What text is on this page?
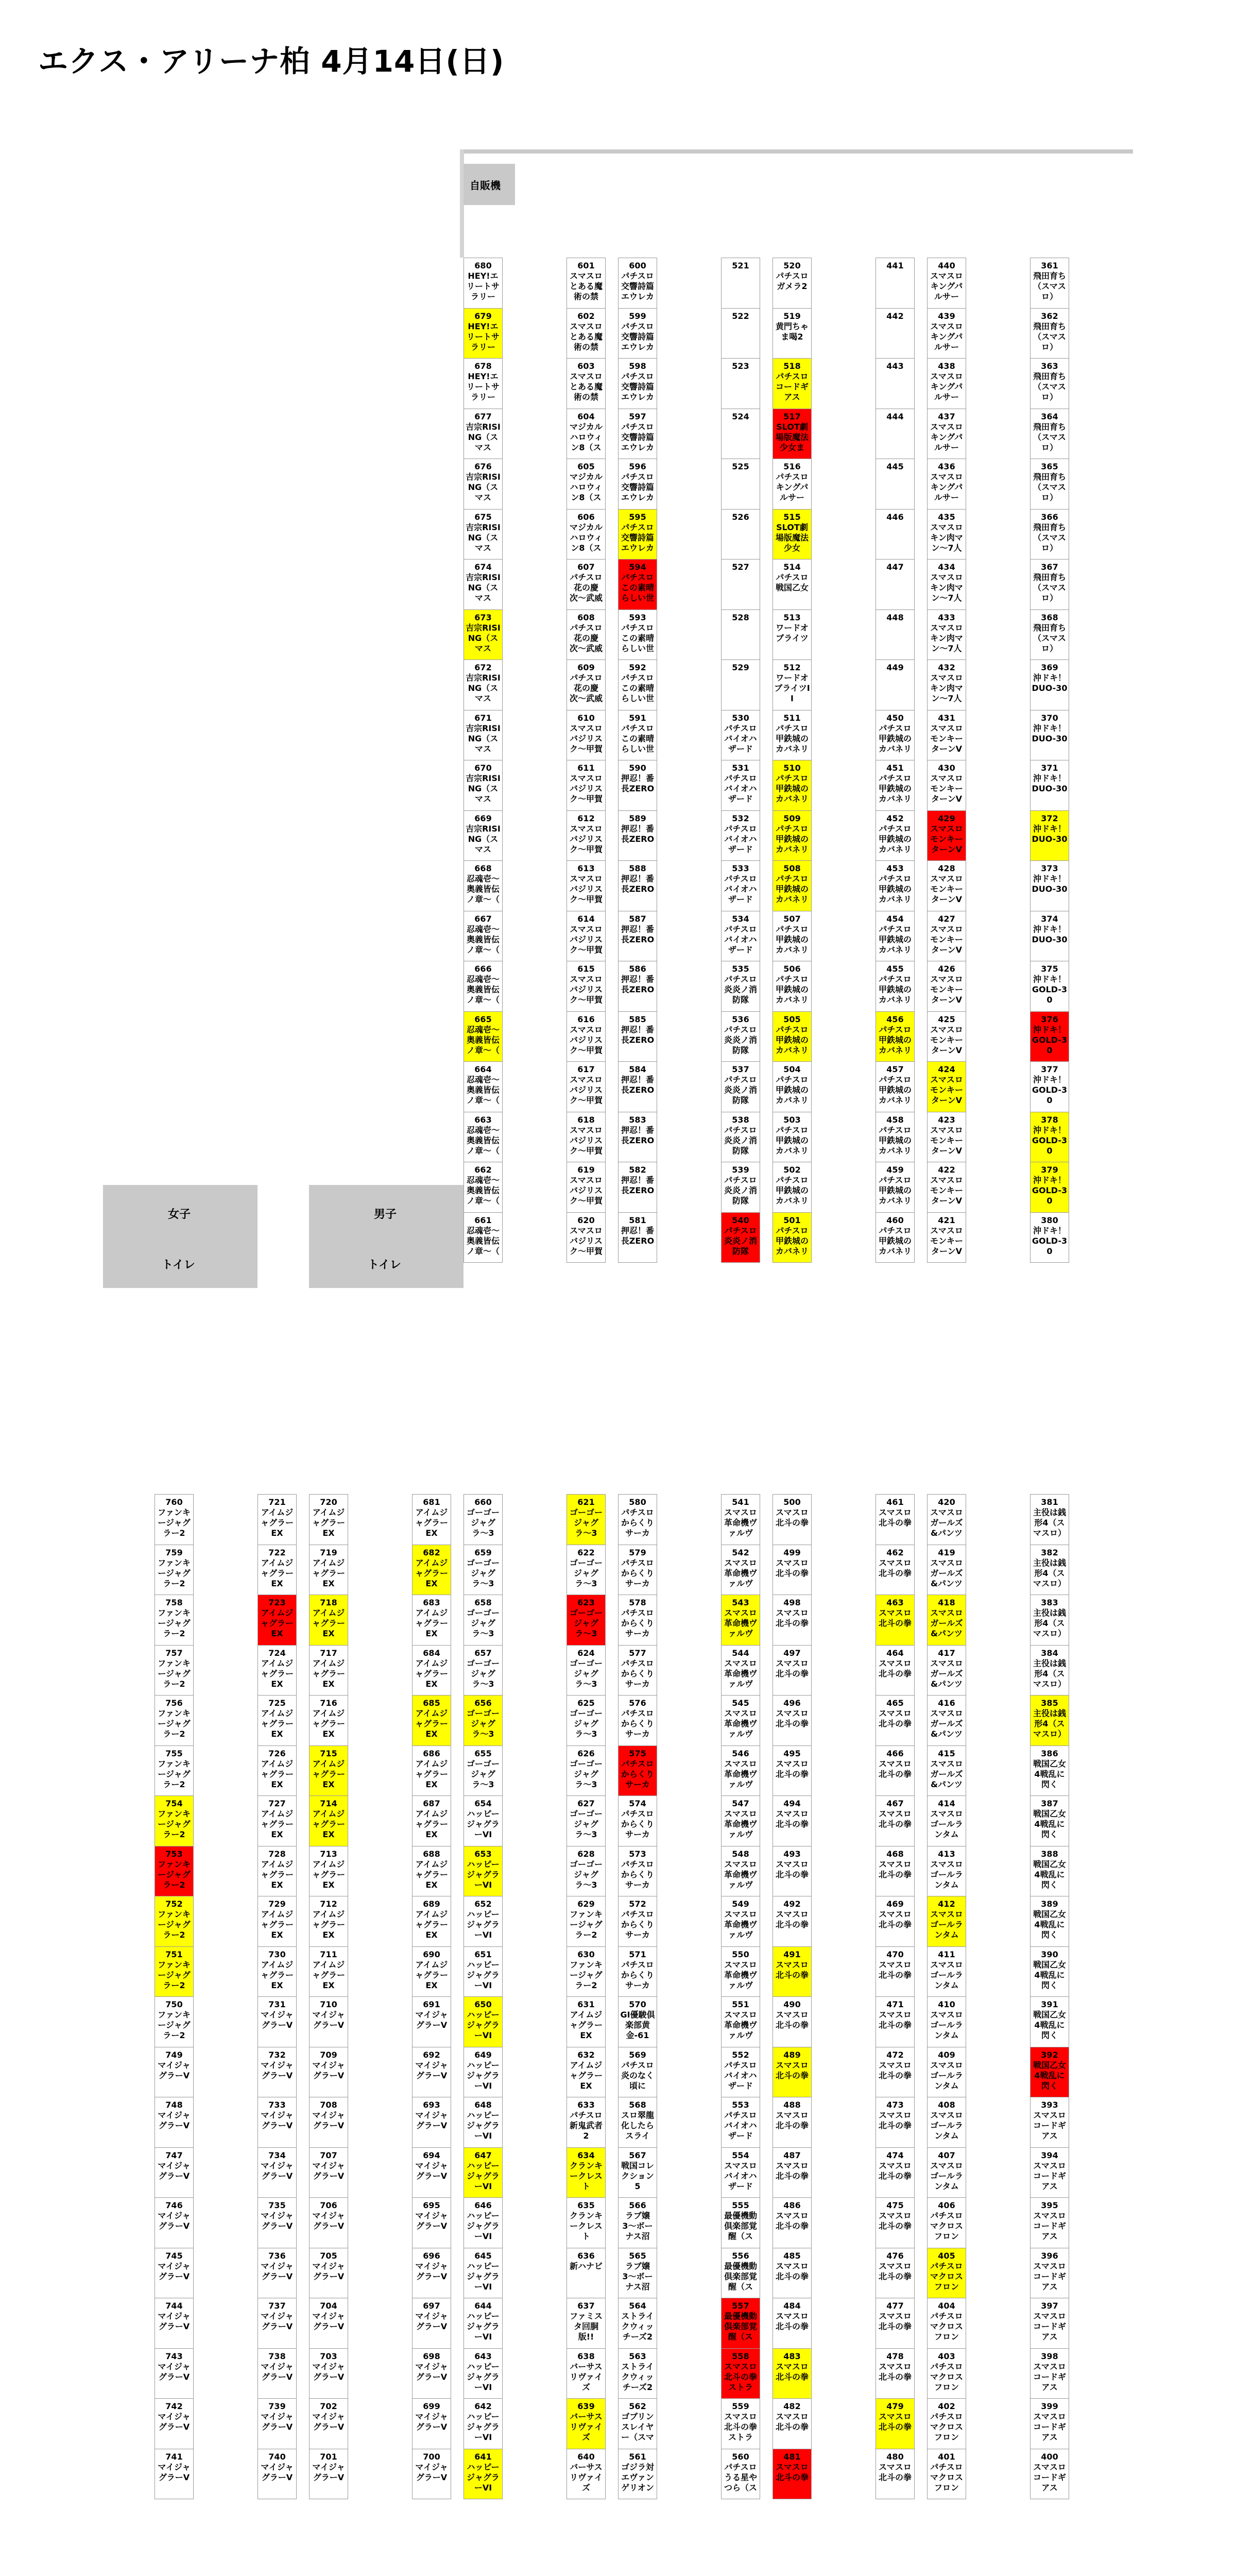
エクス・アリーナ柏 4月14日(日)
自販機
女子
トイレ
男子
トイレ
680
HEY!エリートサラリー
679
HEY!エリートサラリー
678
HEY!エリートサラリー
677
吉宗RISING（スマス
676
吉宗RISING（スマス
675
吉宗RISING（スマス
674
吉宗RISING（スマス
673
吉宗RISING（スマス
672
吉宗RISING（スマス
671
吉宗RISING（スマス
670
吉宗RISING（スマス
669
吉宗RISING（スマス
668
忍魂壱〜奥義皆伝ノ章〜（
667
忍魂壱〜奥義皆伝ノ章〜（
666
忍魂壱〜奥義皆伝ノ章〜（
665
忍魂壱〜奥義皆伝ノ章〜（
664
忍魂壱〜奥義皆伝ノ章〜（
663
忍魂壱〜奥義皆伝ノ章〜（
662
忍魂壱〜奥義皆伝ノ章〜（
661
忍魂壱〜奥義皆伝ノ章〜（
601
スマスロとある魔術の禁
602
スマスロとある魔術の禁
603
スマスロとある魔術の禁
604
マジカルハロウィン8（ス
605
マジカルハロウィン8（ス
606
マジカルハロウィン8（ス
607
パチスロ花の慶次〜武威
608
パチスロ花の慶次〜武威
609
パチスロ花の慶次〜武威
610
スマスロバジリスク〜甲賀
611
スマスロバジリスク〜甲賀
612
スマスロバジリスク〜甲賀
613
スマスロバジリスク〜甲賀
614
スマスロバジリスク〜甲賀
615
スマスロバジリスク〜甲賀
616
スマスロバジリスク〜甲賀
617
スマスロバジリスク〜甲賀
618
スマスロバジリスク〜甲賀
619
スマスロバジリスク〜甲賀
620
スマスロバジリスク〜甲賀
600
パチスロ交響詩篇エウレカ
599
パチスロ交響詩篇エウレカ
598
パチスロ交響詩篇エウレカ
597
パチスロ交響詩篇エウレカ
596
パチスロ交響詩篇エウレカ
595
パチスロ交響詩篇エウレカ
594
パチスロこの素晴らしい世
593
パチスロこの素晴らしい世
592
パチスロこの素晴らしい世
591
パチスロこの素晴らしい世
590
押忍！番長ZERO
589
押忍！番長ZERO
588
押忍！番長ZERO
587
押忍！番長ZERO
586
押忍！番長ZERO
585
押忍！番長ZERO
584
押忍！番長ZERO
583
押忍！番長ZERO
582
押忍！番長ZERO
581
押忍！番長ZERO
521
522
523
524
525
526
527
528
529
530
パチスロバイオハザード
531
パチスロバイオハザード
532
パチスロバイオハザード
533
パチスロバイオハザード
534
パチスロバイオハザード
535
パチスロ炎炎ノ消防隊
536
パチスロ炎炎ノ消防隊
537
パチスロ炎炎ノ消防隊
538
パチスロ炎炎ノ消防隊
539
パチスロ炎炎ノ消防隊
540
パチスロ炎炎ノ消防隊
520
パチスロガメラ2
519
黄門ちゃま喝2
518
パチスロコードギアス
517
SLOT劇場版魔法少女ま
516
パチスロキングパルサー
515
SLOT劇場版魔法少女
514
パチスロ戦国乙女
513
ワードオブライツ
512
ワードオブライツII
511
パチスロ甲鉄城のカバネリ
510
パチスロ甲鉄城のカバネリ
509
パチスロ甲鉄城のカバネリ
508
パチスロ甲鉄城のカバネリ
507
パチスロ甲鉄城のカバネリ
506
パチスロ甲鉄城のカバネリ
505
パチスロ甲鉄城のカバネリ
504
パチスロ甲鉄城のカバネリ
503
パチスロ甲鉄城のカバネリ
502
パチスロ甲鉄城のカバネリ
501
パチスロ甲鉄城のカバネリ
441
442
443
444
445
446
447
448
449
450
パチスロ甲鉄城のカバネリ
451
パチスロ甲鉄城のカバネリ
452
パチスロ甲鉄城のカバネリ
453
パチスロ甲鉄城のカバネリ
454
パチスロ甲鉄城のカバネリ
455
パチスロ甲鉄城のカバネリ
456
パチスロ甲鉄城のカバネリ
457
パチスロ甲鉄城のカバネリ
458
パチスロ甲鉄城のカバネリ
459
パチスロ甲鉄城のカバネリ
460
パチスロ甲鉄城のカバネリ
440
スマスロキングパルサー
439
スマスロキングパルサー
438
スマスロキングパルサー
437
スマスロキングパルサー
436
スマスロキングパルサー
435
スマスロキン肉マン〜7人
434
スマスロキン肉マン〜7人
433
スマスロキン肉マン〜7人
432
スマスロキン肉マン〜7人
431
スマスロモンキーターンV
430
スマスロモンキーターンV
429
スマスロモンキーターンV
428
スマスロモンキーターンV
427
スマスロモンキーターンV
426
スマスロモンキーターンV
425
スマスロモンキーターンV
424
スマスロモンキーターンV
423
スマスロモンキーターンV
422
スマスロモンキーターンV
421
スマスロモンキーターンV
361
飛田育ち（スマスロ）
362
飛田育ち（スマスロ）
363
飛田育ち（スマスロ）
364
飛田育ち（スマスロ）
365
飛田育ち（スマスロ）
366
飛田育ち（スマスロ）
367
飛田育ち（スマスロ）
368
飛田育ち（スマスロ）
369
沖ドキ！DUO-30
370
沖ドキ！DUO-30
371
沖ドキ！DUO-30
372
沖ドキ！DUO-30
373
沖ドキ！DUO-30
374
沖ドキ！DUO-30
375
沖ドキ！GOLD-30
376
沖ドキ！GOLD-30
377
沖ドキ！GOLD-30
378
沖ドキ！GOLD-30
379
沖ドキ！GOLD-30
380
沖ドキ！GOLD-30
760
ファンキージャグラー2
759
ファンキージャグラー2
758
ファンキージャグラー2
757
ファンキージャグラー2
756
ファンキージャグラー2
755
ファンキージャグラー2
754
ファンキージャグラー2
753
ファンキージャグラー2
752
ファンキージャグラー2
751
ファンキージャグラー2
750
ファンキージャグラー2
749
マイジャグラーV
748
マイジャグラーV
747
マイジャグラーV
746
マイジャグラーV
745
マイジャグラーV
744
マイジャグラーV
743
マイジャグラーV
742
マイジャグラーV
741
マイジャグラーV
721
アイムジャグラーEX
722
アイムジャグラーEX
723
アイムジャグラーEX
724
アイムジャグラーEX
725
アイムジャグラーEX
726
アイムジャグラーEX
727
アイムジャグラーEX
728
アイムジャグラーEX
729
アイムジャグラーEX
730
アイムジャグラーEX
731
マイジャグラーV
732
マイジャグラーV
733
マイジャグラーV
734
マイジャグラーV
735
マイジャグラーV
736
マイジャグラーV
737
マイジャグラーV
738
マイジャグラーV
739
マイジャグラーV
740
マイジャグラーV
720
アイムジャグラーEX
719
アイムジャグラーEX
718
アイムジャグラーEX
717
アイムジャグラーEX
716
アイムジャグラーEX
715
アイムジャグラーEX
714
アイムジャグラーEX
713
アイムジャグラーEX
712
アイムジャグラーEX
711
アイムジャグラーEX
710
マイジャグラーV
709
マイジャグラーV
708
マイジャグラーV
707
マイジャグラーV
706
マイジャグラーV
705
マイジャグラーV
704
マイジャグラーV
703
マイジャグラーV
702
マイジャグラーV
701
マイジャグラーV
681
アイムジャグラーEX
682
アイムジャグラーEX
683
アイムジャグラーEX
684
アイムジャグラーEX
685
アイムジャグラーEX
686
アイムジャグラーEX
687
アイムジャグラーEX
688
アイムジャグラーEX
689
アイムジャグラーEX
690
アイムジャグラーEX
691
マイジャグラーV
692
マイジャグラーV
693
マイジャグラーV
694
マイジャグラーV
695
マイジャグラーV
696
マイジャグラーV
697
マイジャグラーV
698
マイジャグラーV
699
マイジャグラーV
700
マイジャグラーV
660
ゴーゴージャグラ〜3
659
ゴーゴージャグラ〜3
658
ゴーゴージャグラ〜3
657
ゴーゴージャグラ〜3
656
ゴーゴージャグラ〜3
655
ゴーゴージャグラ〜3
654
ハッピージャグラーVI
653
ハッピージャグラーVI
652
ハッピージャグラーVI
651
ハッピージャグラーVI
650
ハッピージャグラーVI
649
ハッピージャグラーVI
648
ハッピージャグラーVI
647
ハッピージャグラーVI
646
ハッピージャグラーVI
645
ハッピージャグラーVI
644
ハッピージャグラーVI
643
ハッピージャグラーVI
642
ハッピージャグラーVI
641
ハッピージャグラーVI
621
ゴーゴージャグラ〜3
622
ゴーゴージャグラ〜3
623
ゴーゴージャグラ〜3
624
ゴーゴージャグラ〜3
625
ゴーゴージャグラ〜3
626
ゴーゴージャグラ〜3
627
ゴーゴージャグラ〜3
628
ゴーゴージャグラ〜3
629
ファンキージャグラー2
630
ファンキージャグラー2
631
アイムジャグラーEX
632
アイムジャグラーEX
633
パチスロ新鬼武者2
634
クランキークレスト
635
クランキークレスト
636
新ハナビ
637
ファミスタ回胴版!!
638
バーサスリヴァイズ
639
バーサスリヴァイズ
640
バーサスリヴァイズ
580
パチスロからくりサーカ
579
パチスロからくりサーカ
578
パチスロからくりサーカ
577
パチスロからくりサーカ
576
パチスロからくりサーカ
575
パチスロからくりサーカ
574
パチスロからくりサーカ
573
パチスロからくりサーカ
572
パチスロからくりサーカ
571
パチスロからくりサーカ
570
GI優駿倶楽部黄金-61
569
パチスロ炎のなく頃に
568
スロ翠龍化したらスライ
567
戦国コレクション5
566
ラブ嬢3〜ボーナス沼
565
ラブ嬢3〜ボーナス沼
564
ストライクウィッチーズ2
563
ストライクウィッチーズ2
562
ゴブリンスレイヤー（スマ
561
ゴジラ対エヴァンゲリオン
541
スマスロ革命機ヴァルヴ
542
スマスロ革命機ヴァルヴ
543
スマスロ革命機ヴァルヴ
544
スマスロ革命機ヴァルヴ
545
スマスロ革命機ヴァルヴ
546
スマスロ革命機ヴァルヴ
547
スマスロ革命機ヴァルヴ
548
スマスロ革命機ヴァルヴ
549
スマスロ革命機ヴァルヴ
550
スマスロ革命機ヴァルヴ
551
スマスロ革命機ヴァルヴ
552
パチスロバイオハザード
553
パチスロバイオハザード
554
スマスロバイオハザード
555
最優機動倶楽部覚醒（ス
556
最優機動倶楽部覚醒（ス
557
最優機動倶楽部覚醒（ス
558
スマスロ北斗の拳ストラ
559
スマスロ北斗の拳ストラ
560
パチスロうる星やつら（ス
500
スマスロ北斗の拳
499
スマスロ北斗の拳
498
スマスロ北斗の拳
497
スマスロ北斗の拳
496
スマスロ北斗の拳
495
スマスロ北斗の拳
494
スマスロ北斗の拳
493
スマスロ北斗の拳
492
スマスロ北斗の拳
491
スマスロ北斗の拳
490
スマスロ北斗の拳
489
スマスロ北斗の拳
488
スマスロ北斗の拳
487
スマスロ北斗の拳
486
スマスロ北斗の拳
485
スマスロ北斗の拳
484
スマスロ北斗の拳
483
スマスロ北斗の拳
482
スマスロ北斗の拳
481
スマスロ北斗の拳
461
スマスロ北斗の拳
462
スマスロ北斗の拳
463
スマスロ北斗の拳
464
スマスロ北斗の拳
465
スマスロ北斗の拳
466
スマスロ北斗の拳
467
スマスロ北斗の拳
468
スマスロ北斗の拳
469
スマスロ北斗の拳
470
スマスロ北斗の拳
471
スマスロ北斗の拳
472
スマスロ北斗の拳
473
スマスロ北斗の拳
474
スマスロ北斗の拳
475
スマスロ北斗の拳
476
スマスロ北斗の拳
477
スマスロ北斗の拳
478
スマスロ北斗の拳
479
スマスロ北斗の拳
480
スマスロ北斗の拳
420
スマスロガールズ&パンツ
419
スマスロガールズ&パンツ
418
スマスロガールズ&パンツ
417
スマスロガールズ&パンツ
416
スマスロガールズ&パンツ
415
スマスロガールズ&パンツ
414
スマスロゴールランタム
413
スマスロゴールランタム
412
スマスロゴールランタム
411
スマスロゴールランタム
410
スマスロゴールランタム
409
スマスロゴールランタム
408
スマスロゴールランタム
407
スマスロゴールランタム
406
パチスロマクロスフロン
405
パチスロマクロスフロン
404
パチスロマクロスフロン
403
パチスロマクロスフロン
402
パチスロマクロスフロン
401
パチスロマクロスフロン
381
主役は銭形4（スマスロ）
382
主役は銭形4（スマスロ）
383
主役は銭形4（スマスロ）
384
主役は銭形4（スマスロ）
385
主役は銭形4（スマスロ）
386
戦国乙女4戦乱に閃く
387
戦国乙女4戦乱に閃く
388
戦国乙女4戦乱に閃く
389
戦国乙女4戦乱に閃く
390
戦国乙女4戦乱に閃く
391
戦国乙女4戦乱に閃く
392
戦国乙女4戦乱に閃く
393
スマスロコードギアス
394
スマスロコードギアス
395
スマスロコードギアス
396
スマスロコードギアス
397
スマスロコードギアス
398
スマスロコードギアス
399
スマスロコードギアス
400
スマスロコードギアス
